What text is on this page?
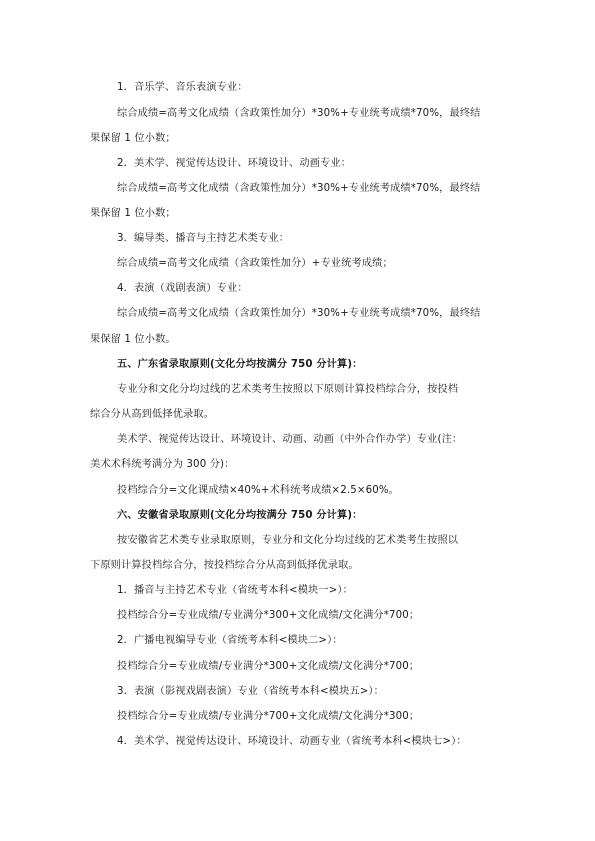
1．音乐学、音乐表演专业：
综合成绩=高考文化成绩（含政策性加分）*30%+专业统考成绩*70%，最终结
果保留 1 位小数；
2．美术学、视觉传达设计、环境设计、动画专业：
综合成绩=高考文化成绩（含政策性加分）*30%+专业统考成绩*70%，最终结
果保留 1 位小数；
3．编导类、播音与主持艺术类专业：
综合成绩=高考文化成绩（含政策性加分）+专业统考成绩；
4．表演（戏剧表演）专业：
综合成绩=高考文化成绩（含政策性加分）*30%+专业统考成绩*70%，最终结
果保留 1 位小数。
五、广东省录取原则(文化分均按满分 750 分计算)：
专业分和文化分均过线的艺术类考生按照以下原则计算投档综合分，按投档
综合分从高到低择优录取。
美术学、视觉传达设计、环境设计、动画、动画（中外合作办学）专业(注：
美术术科统考满分为 300 分)：
投档综合分=文化课成绩×40%+术科统考成绩×2.5×60%。
六、安徽省录取原则(文化分均按满分 750 分计算)：
按安徽省艺术类专业录取原则，专业分和文化分均过线的艺术类考生按照以
下原则计算投档综合分，按投档综合分从高到低择优录取。
1．播音与主持艺术专业（省统考本科<模块一>）：
投档综合分=专业成绩/专业满分*300+文化成绩/文化满分*700；
2．广播电视编导专业（省统考本科<模块二>）：
投档综合分=专业成绩/专业满分*300+文化成绩/文化满分*700；
3．表演（影视戏剧表演）专业（省统考本科<模块五>）：
投档综合分=专业成绩/专业满分*700+文化成绩/文化满分*300；
4．美术学、视觉传达设计、环境设计、动画专业（省统考本科<模块七>）：
